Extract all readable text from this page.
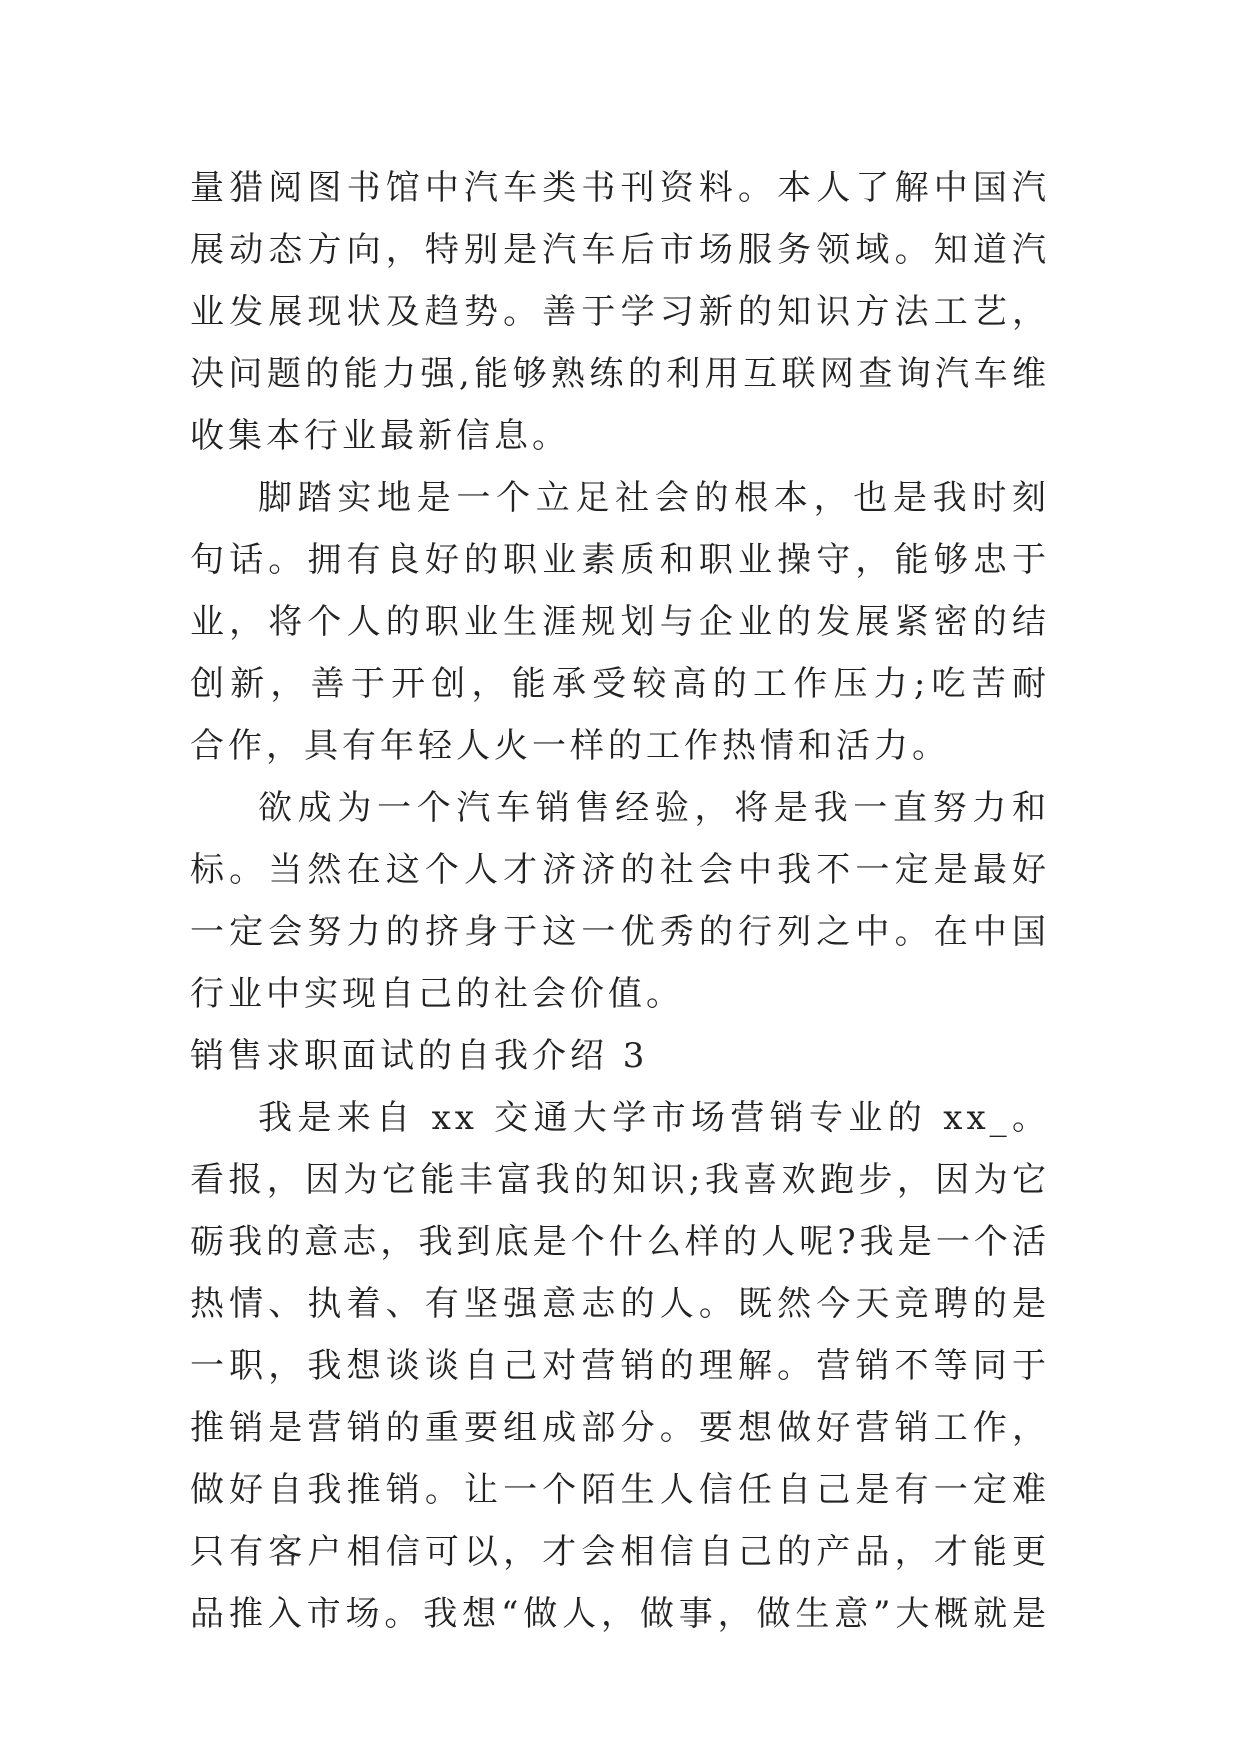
量猎阅图书馆中汽车类书刊资料。本人了解中国汽
展动态方向，特别是汽车后市场服务领域。知道汽
业发展现状及趋势。善于学习新的知识方法工艺，
决问题的能力强,能够熟练的利用互联网查询汽车维
收集本行业最新信息。
脚踏实地是一个立足社会的根本，也是我时刻
句话。拥有良好的职业素质和职业操守，能够忠于
业，将个人的职业生涯规划与企业的发展紧密的结
创新，善于开创，能承受较高的工作压力;吃苦耐
合作，具有年轻人火一样的工作热情和活力。
欲成为一个汽车销售经验，将是我一直努力和
标。当然在这个人才济济的社会中我不一定是最好
一定会努力的挤身于这一优秀的行列之中。在中国
行业中实现自己的社会价值。
销售求职面试的自我介绍 3
我是来自 xx 交通大学市场营销专业的 xx_。
看报，因为它能丰富我的知识;我喜欢跑步，因为它
砺我的意志，我到底是个什么样的人呢?我是一个活
热情、执着、有坚强意志的人。既然今天竞聘的是
一职，我想谈谈自己对营销的理解。营销不等同于
推销是营销的重要组成部分。要想做好营销工作，
做好自我推销。让一个陌生人信任自己是有一定难
只有客户相信可以，才会相信自己的产品，才能更
品推入市场。我想“做人，做事，做生意”大概就是
